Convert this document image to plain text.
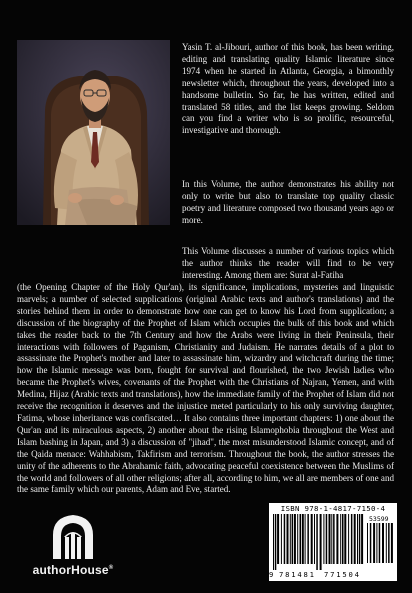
Yasin T. al-Jibouri, author of this book, has been writing, editing and translating quality Islamic literature since 1974 when he started in Atlanta, Georgia, a bimonthly newsletter which, throughout the years, developed into a handsome bulletin. So far, he has written, edited and translated 58 titles, and the list keeps growing. Seldom can you find a writer who is so prolific, resourceful, investigative and thorough.

In this Volume, the author demonstrates his ability not only to write but also to translate top quality classic poetry and literature composed two thousand years ago or more.

This Volume discusses a number of various topics which the author thinks the reader will find to be very interesting. Among them are: Surat al-Fatiha

(the Opening Chapter of the Holy Qur'an), its significance, implications, mysteries and linguistic marvels; a number of selected supplications (original Arabic texts and author's translations) and the stories behind them in order to demonstrate how one can get to know his Lord from supplication; a discussion of the biography of the Prophet of Islam which occupies the bulk of this book and which takes the reader back to the 7th Century and how the Arabs were living in their Peninsula, their interactions with followers of Paganism, Christianity and Judaism. He narrates details of a plot to assassinate the Prophet's mother and later to assassinate him, wizardry and witchcraft during the time; how the Islamic message was born, fought for survival and flourished, the two Jewish ladies who became the Prophet's wives, covenants of the Prophet with the Christians of Najran, Yemen, and with Medina, Hijaz (Arabic texts and translations), how the immediate family of the Prophet of Islam did not receive the recognition it deserves and the injustice meted particularly to his only surviving daughter, Fatima, whose inheritance was confiscated… It also contains three important chapters: 1) one about the Qur'an and its miraculous aspects, 2) another about the rising Islamophobia throughout the West and Islam bashing in Japan, and 3) a discussion of "jihad", the most misunderstood Islamic concept, and of the Qaida menace: Wahhabism, Takfirism and terrorism. Throughout the book, the author stresses the unity of the adherents to the Abrahamic faith, advocating peaceful coexistence between the Muslims of the world and followers of all other religions; after all, according to him, we all are members of one and the same family which our parents, Adam and Eve, started.

authorHouse®
ISBN 978-1-4817-7150-4
53599
9 781481 771504
